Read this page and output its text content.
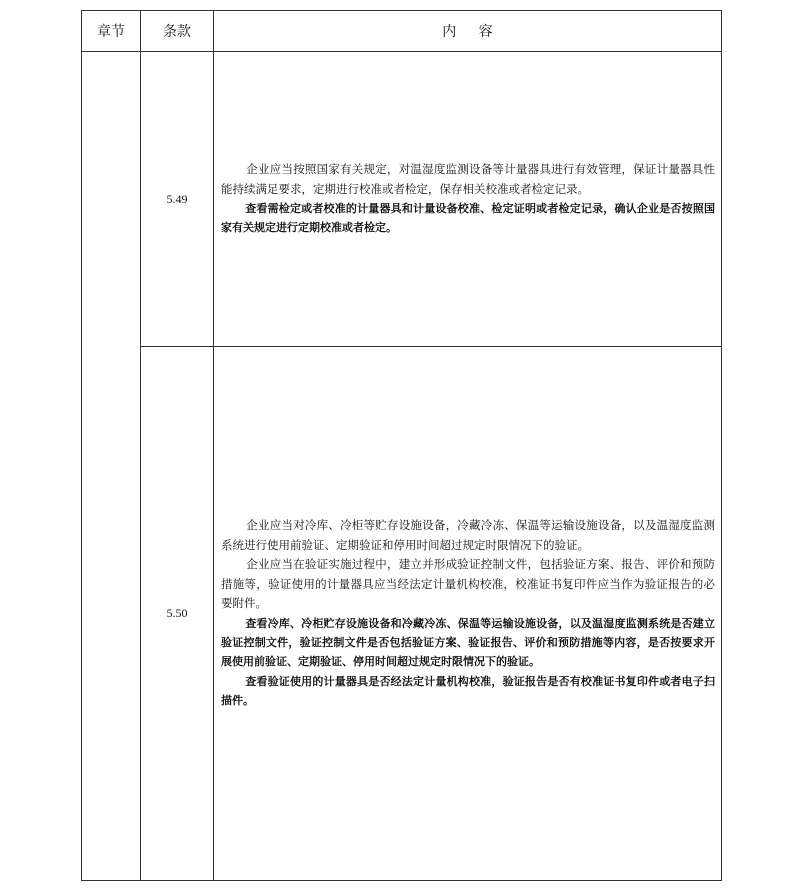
章节	条款	内容
	5.49	企业应当按照国家有关规定，对温湿度监测设备等计量器具进行有效管理，保证计量器具性能持续满足要求，定期进行校准或者检定，保存相关校准或者检定记录。

查看需检定或者校准的计量器具和计量设备校准、检定证明或者检定记录，确认企业是否按照国家有关规定进行定期校准或者检定。

	5.50	企业应当对冷库、冷柜等贮存设施设备，冷藏冷冻、保温等运输设施设备，以及温湿度监测系统进行使用前验证、定期验证和停用时间超过规定时限情况下的验证。

企业应当在验证实施过程中，建立并形成验证控制文件，包括验证方案、报告、评价和预防措施等，验证使用的计量器具应当经法定计量机构校准，校准证书复印件应当作为验证报告的必要附件。

查看冷库、冷柜贮存设施设备和冷藏冷冻、保温等运输设施设备，以及温湿度监测系统是否建立验证控制文件，验证控制文件是否包括验证方案、验证报告、评价和预防措施等内容，是否按要求开展使用前验证、定期验证、停用时间超过规定时限情况下的验证。

查看验证使用的计量器具是否经法定计量机构校准，验证报告是否有校准证书复印件或者电子扫描件。
